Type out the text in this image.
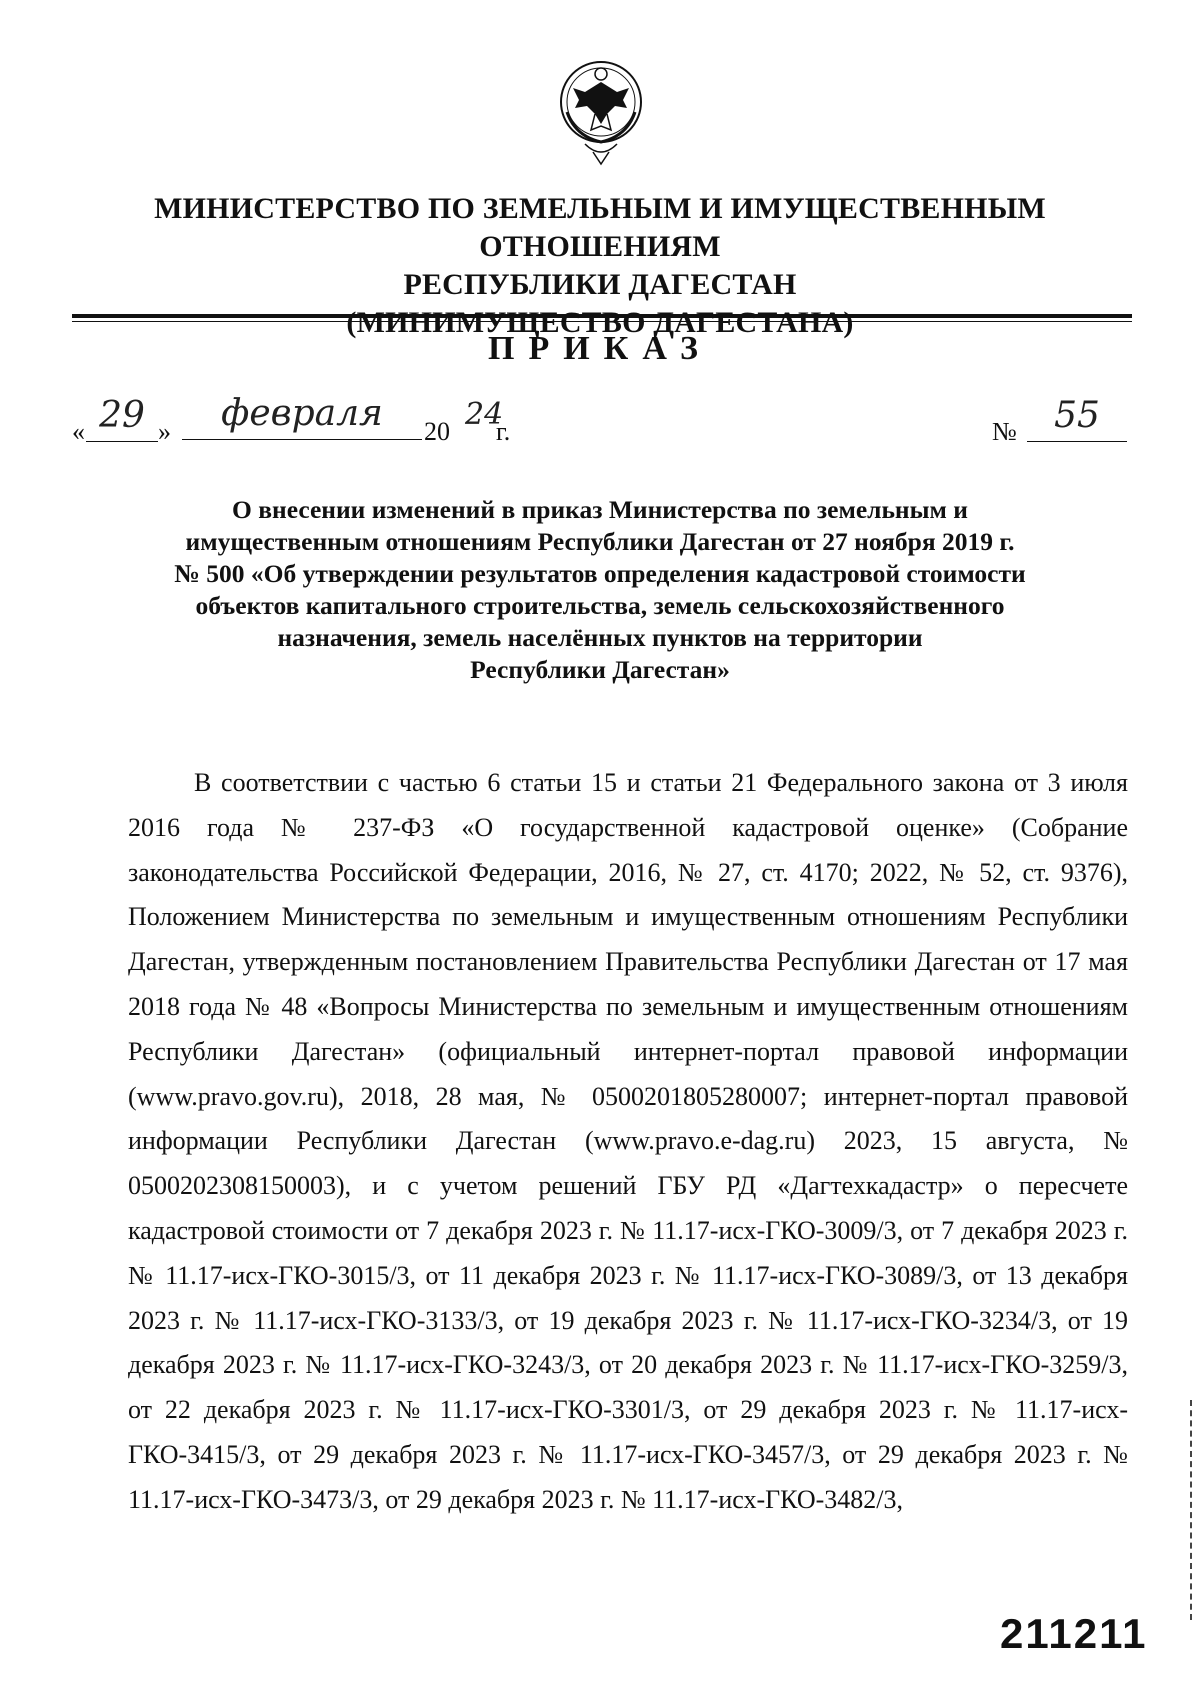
МИНИСТЕРСТВО ПО ЗЕМЕЛЬНЫМ И ИМУЩЕСТВЕННЫМ ОТНОШЕНИЯМ
РЕСПУБЛИКИ ДАГЕСТАН
(МИНИМУЩЕСТВО ДАГЕСТАНА)
ПРИКАЗ
« 29 »	февраля	20 24
г.	№	55
О внесении изменений в приказ Министерства по земельным и
имущественным отношениям Республики Дагестан от 27 ноября 2019 г.
№ 500 «Об утверждении результатов определения кадастровой стоимости
объектов капитального строительства, земель сельскохозяйственного
назначения, земель населённых пунктов на территории
Республики Дагестан»

В соответствии с частью 6 статьи 15 и статьи 21 Федерального закона от 3 июля 2016 года № 237-ФЗ «О государственной кадастровой оценке» (Собрание законодательства Российской Федерации, 2016, № 27, ст. 4170; 2022, № 52, ст. 9376), Положением Министерства по земельным и имущественным отношениям Республики Дагестан, утвержденным постановлением Правительства Республики Дагестан от 17 мая 2018 года № 48 «Вопросы Министерства по земельным и имущественным отношениям Республики Дагестан» (официальный интернет-портал правовой информации (www.pravo.gov.ru), 2018, 28 мая, № 0500201805280007; интернет-портал правовой информации Республики Дагестан (www.pravo.e-dag.ru) 2023, 15 августа, № 0500202308150003), и с учетом решений ГБУ РД «Дагтехкадастр» о пересчете кадастровой стоимости от 7 декабря 2023 г. № 11.17-исх-ГКО-3009/3, от 7 декабря 2023 г. № 11.17-исх-ГКО-3015/3, от 11 декабря 2023 г. № 11.17-исх-ГКО-3089/3, от 13 декабря 2023 г. № 11.17-исх-ГКО-3133/3, от 19 декабря 2023 г. № 11.17-исх-ГКО-3234/3, от 19 декабря 2023 г. № 11.17-исх-ГКО-3243/3, от 20 декабря 2023 г. № 11.17-исх-ГКО-3259/3, от 22 декабря 2023 г. № 11.17-исх-ГКО-3301/3, от 29 декабря 2023 г. № 11.17-исх-ГКО-3415/3, от 29 декабря 2023 г. № 11.17-исх-ГКО-3457/3, от 29 декабря 2023 г. № 11.17-исх-ГКО-3473/3, от 29 декабря 2023 г. № 11.17-исх-ГКО-3482/3,

211211
